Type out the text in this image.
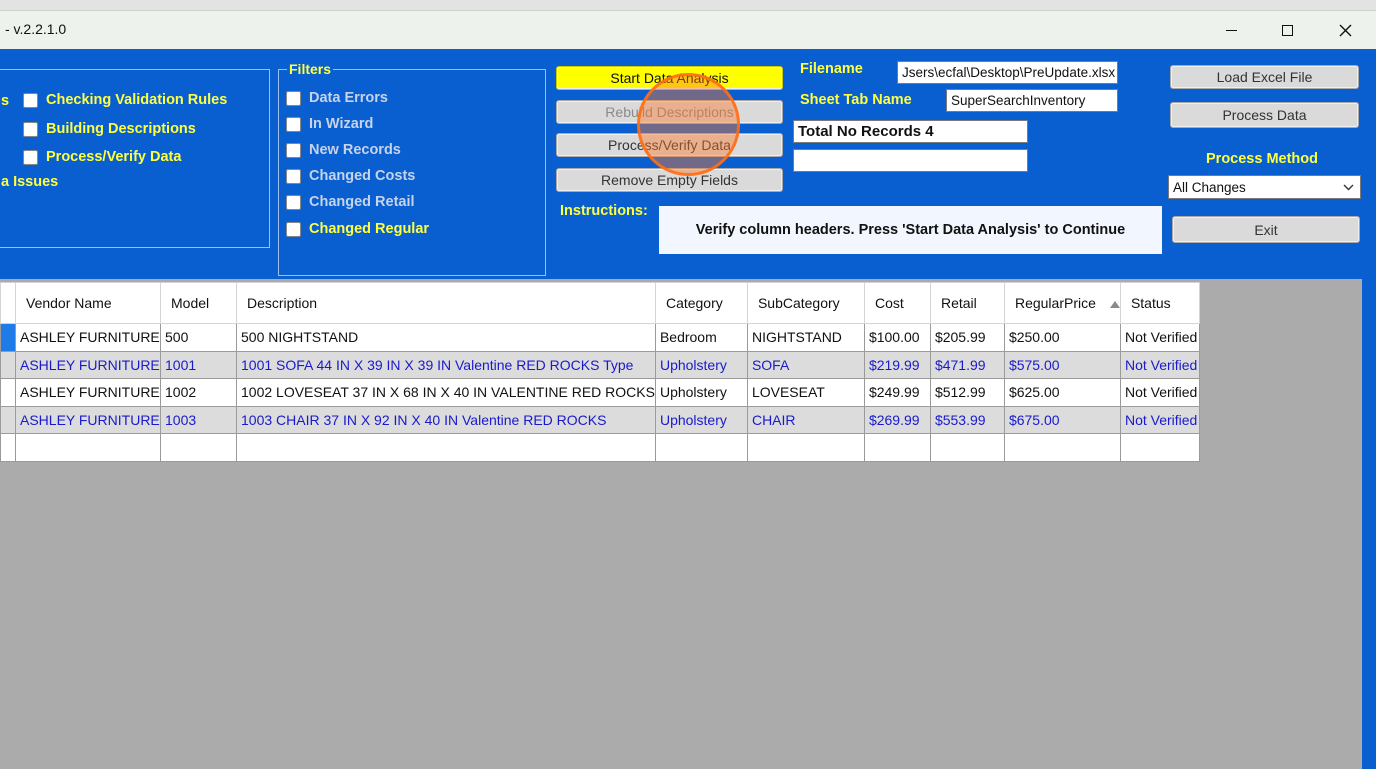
- v.2.2.1.0
s	Checking Validation Rules
Building Descriptions
Process/Verify Data
a Issues
Filters
Data Errors
In Wizard
New Records
Changed Costs
Changed Retail
Changed Regular
Start Data Analysis
Rebuild Descriptions
Process/Verify Data
Remove Empty Fields
Instructions:
Verify column headers. Press 'Start Data Analysis' to Continue
Filename	Jsers\ecfal\Desktop\PreUpdate.xlsx
Sheet Tab Name	SuperSearchInventory
Total No Records 4
Load Excel File
Process Data
Process Method
All Changes
Exit
	Vendor Name	Model	Description	Category	SubCategory	Cost	Retail	RegularPrice	Status
	ASHLEY FURNITURE	500	500 NIGHTSTAND	Bedroom	NIGHTSTAND	$100.00	$205.99	$250.00	Not Verified
	ASHLEY FURNITURE	1001	1001 SOFA 44 IN X 39 IN X 39 IN Valentine RED ROCKS Type	Upholstery	SOFA	$219.99	$471.99	$575.00	Not Verified
	ASHLEY FURNITURE	1002	1002 LOVESEAT 37 IN X 68 IN X 40 IN VALENTINE RED ROCKS	Upholstery	LOVESEAT	$249.99	$512.99	$625.00	Not Verified
	ASHLEY FURNITURE	1003	1003 CHAIR 37 IN X 92 IN X 40 IN Valentine RED ROCKS	Upholstery	CHAIR	$269.99	$553.99	$675.00	Not Verified
